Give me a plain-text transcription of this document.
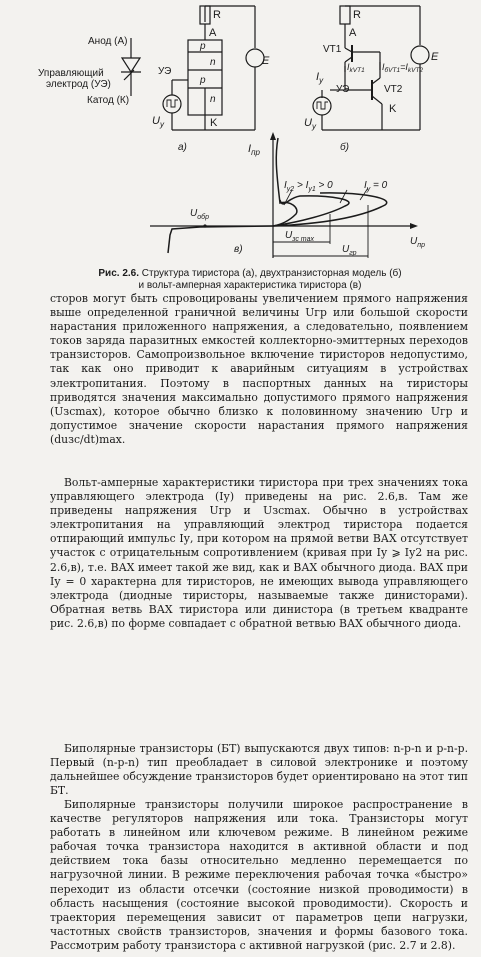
Анод (А)
Управляющий
электрод (УЭ)
Катод (К)
R
A
E
УЭ
K
p
n
p
n
$U_у$
a)
R
A
VT1
VT2
E
$I_у$
УЭ
K
$I_{kVT1}$ $I_{бVT1}=I_{kVT2}$
$U_у$
б)
$I_{пр}$
$I_{у2} > I_{у1} > 0$	$I_у = 0$
$U_{обр}$
$U_{зс max}$
$U_{гр}$
$U_{пр}$
в)
Рис. 2.6. Структура тиристора (а), двухтранзисторная модель (б)
и вольт-амперная характеристика тиристора (в)

сторов могут быть спровоцированы увеличением прямого напряжения выше определенной граничной величины Uгр или большой скорости нарастания приложенного напряжения, а следовательно, появлением токов заряда паразитных емкостей коллекторно-эмиттерных переходов транзисторов. Самопроизвольное включение тиристоров недопустимо, так как оно приводит к аварийным ситуациям в устройствах электропитания. Поэтому в паспортных данных на тиристоры приводятся значения максимально допустимого прямого напряжения (Uзсmax), которое обычно близко к половинному значению Uгр и допустимое значение скорости нарастания прямого напряжения (duзс/dt)max.

Вольт-амперные характеристики тиристора при трех значениях тока управляющего электрода (Iу) приведены на рис. 2.6,в. Там же приведены напряжения Uгр и Uзсmax. Обычно в устройствах электропитания на управляющий электрод тиристора подается отпирающий импульс Iу, при котором на прямой ветви ВАХ отсутствует участок с отрицательным сопротивлением (кривая при Iу ⩾ Iу2 на рис. 2.6,в), т.е. ВАХ имеет такой же вид, как и ВАХ обычного диода. ВАХ при Iу = 0 характерна для тиристоров, не имеющих вывода управляющего электрода (диодные тиристоры, называемые также динисторами). Обратная ветвь ВАХ тиристора или динистора (в третьем квадранте рис. 2.6,в) по форме совпадает с обратной ветвью ВАХ обычного диода.

Биполярные транзисторы (БТ) выпускаются двух типов: n-p-n и p-n-p. Первый (n-p-n) тип преобладает в силовой электронике и поэтому дальнейшее обсуждение транзисторов будет ориентировано на этот тип БТ.

Биполярные транзисторы получили широкое распространение в качестве регуляторов напряжения или тока. Транзисторы могут работать в линейном или ключевом режиме. В линейном режиме рабочая точка транзистора находится в активной области и под действием тока базы относительно медленно перемещается по нагрузочной линии. В режиме переключения рабочая точка «быстро» переходит из области отсечки (состояние низкой проводимости) в область насыщения (состояние высокой проводимости). Скорость и траектория перемещения зависит от параметров цепи нагрузки, частотных свойств транзисторов, значения и формы базового тока. Рассмотрим работу транзистора с активной нагрузкой (рис. 2.7 и 2.8).
